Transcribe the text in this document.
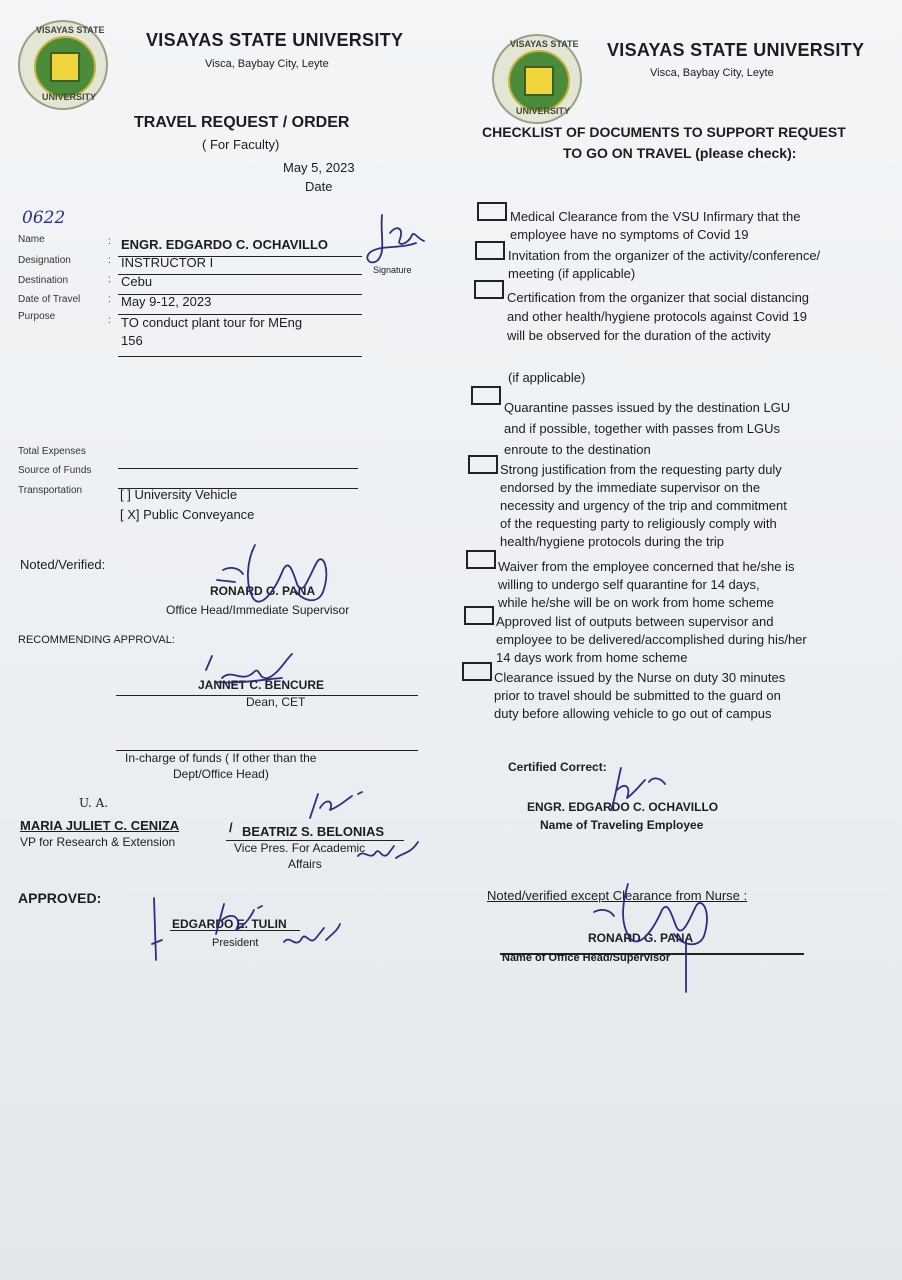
VISAYAS STATE
UNIVERSITY
VISAYAS STATE UNIVERSITY
Visca, Baybay City, Leyte
TRAVEL REQUEST / ORDER
( For Faculty)
May 5, 2023
Date
0622
Name	: ENGR. EDGARDO C. OCHAVILLO
Designation	: INSTRUCTOR I	Signature
Destination	: Cebu
Date of Travel	: May 9-12, 2023
Purpose	: TO conduct plant tour for MEng
156
Total Expenses
Source of Funds
Transportation	[ ] University Vehicle
[ X] Public Conveyance
Noted/Verified:
RONARD G. PANA
Office Head/Immediate Supervisor
RECOMMENDING APPROVAL:
JANNET C. BENCURE
Dean, CET
In-charge of funds ( If other than the
Dept/Office Head)
U. A.
MARIA JULIET C. CENIZA	/ BEATRIZ S. BELONIAS
VP for Research & Extension	Vice Pres. For Academic
Affairs
APPROVED:
EDGARDO E. TULIN
President
VISAYAS STATE
UNIVERSITY
VISAYAS STATE UNIVERSITY
Visca, Baybay City, Leyte
CHECKLIST OF DOCUMENTS TO SUPPORT REQUEST
TO GO ON TRAVEL (please check):
Medical Clearance from the VSU Infirmary that the
employee have no symptoms of Covid 19
Invitation from the organizer of the activity/conference/
meeting (if applicable)
Certification from the organizer that social distancing
and other health/hygiene protocols against Covid 19
will be observed for the duration of the activity
(if applicable)
Quarantine passes issued by the destination LGU
and if possible, together with passes from LGUs
enroute to the destination
Strong justification from the requesting party duly
endorsed by the immediate supervisor on the
necessity and urgency of the trip and commitment
of the requesting party to religiously comply with
health/hygiene protocols during the trip
Waiver from the employee concerned that he/she is
willing to undergo self quarantine for 14 days,
while he/she will be on work from home scheme
Approved list of outputs between supervisor and
employee to be delivered/accomplished during his/her
14 days work from home scheme
Clearance issued by the Nurse on duty 30 minutes
prior to travel should be submitted to the guard on
duty before allowing vehicle to go out of campus
Certified Correct:
ENGR. EDGARDO C. OCHAVILLO
Name of Traveling Employee
Noted/verified except Clearance from Nurse :
RONARD G. PANA
Name of Office Head/Supervisor
